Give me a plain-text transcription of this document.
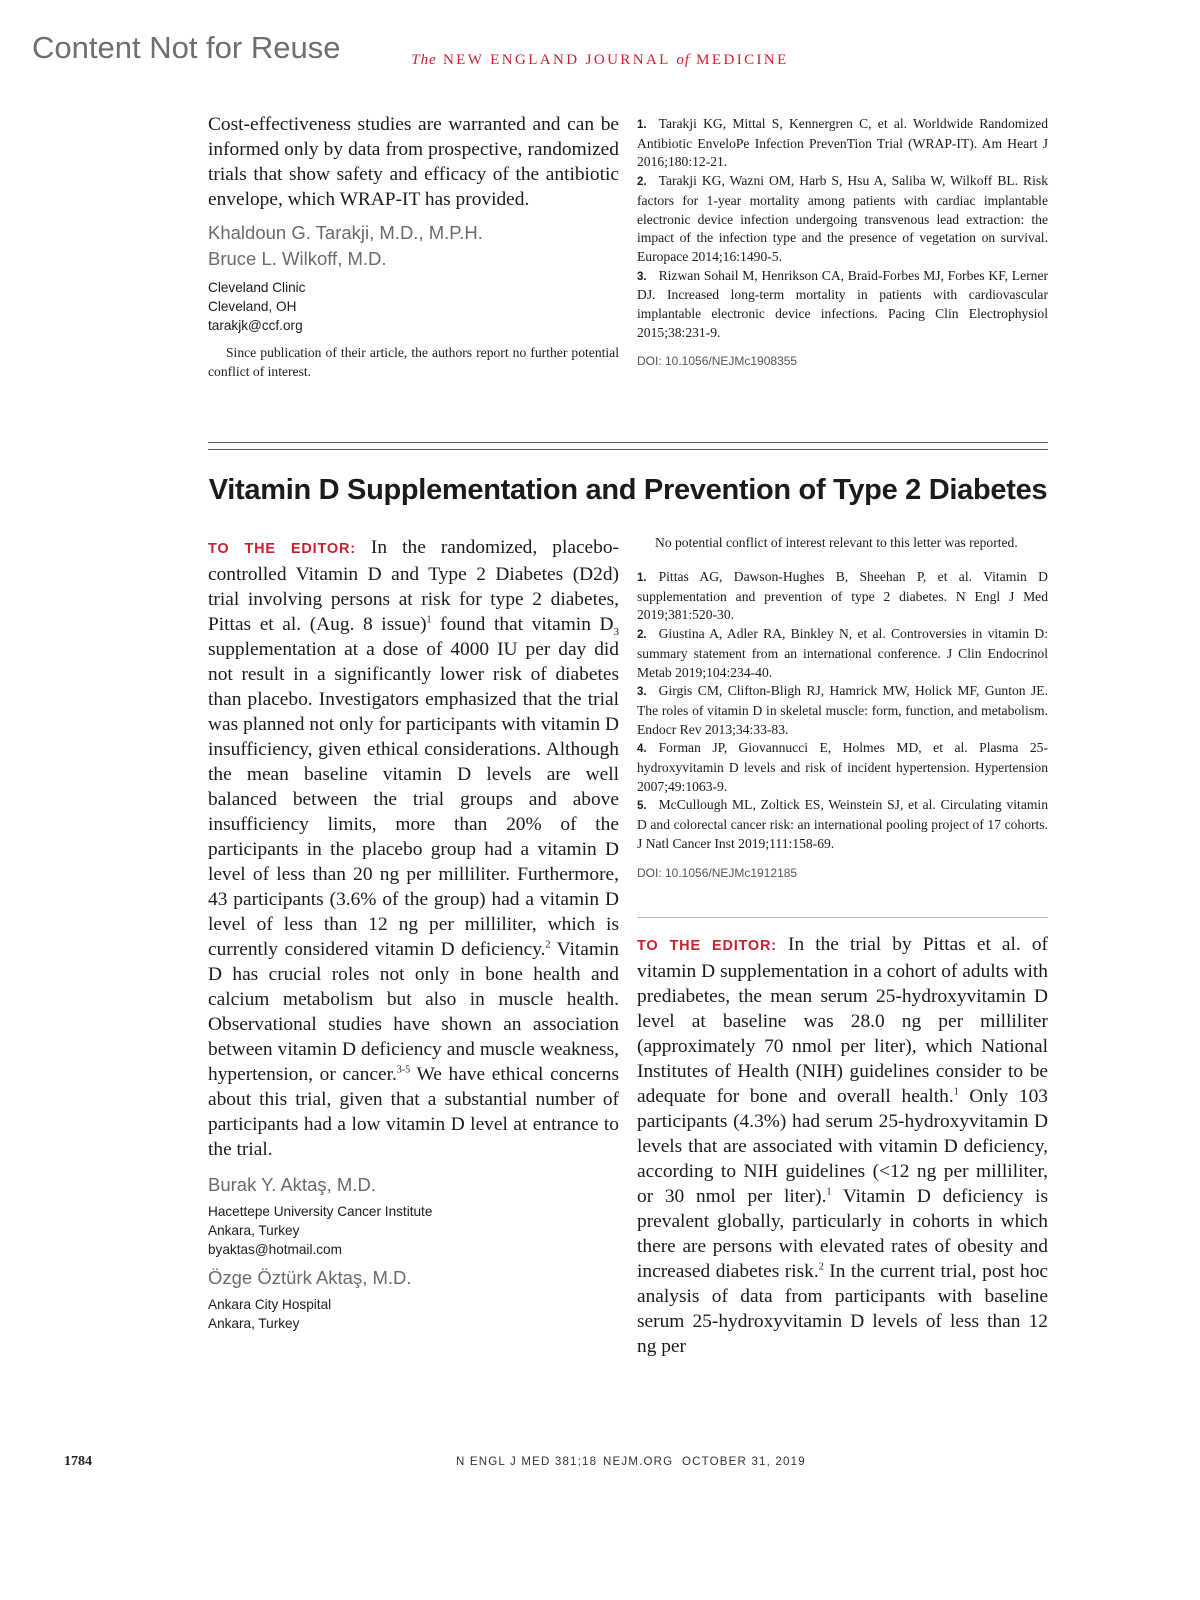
Content Not for Reuse	The NEW ENGLAND JOURNAL of MEDICINE

Cost-effectiveness studies are warranted and can be informed only by data from prospective, randomized trials that show safety and efficacy of the antibiotic envelope, which WRAP-IT has provided.

Khaldoun G. Tarakji, M.D., M.P.H.

Bruce L. Wilkoff, M.D.

Cleveland Clinic

Cleveland, OH

tarakjk@ccf.org

Since publication of their article, the authors report no further potential conflict of interest.

1. Tarakji KG, Mittal S, Kennergren C, et al. Worldwide Randomized Antibiotic EnveloPe Infection PrevenTion Trial (WRAP-IT). Am Heart J 2016;180:12-21.
2. Tarakji KG, Wazni OM, Harb S, Hsu A, Saliba W, Wilkoff BL. Risk factors for 1-year mortality among patients with cardiac implantable electronic device infection undergoing transvenous lead extraction: the impact of the infection type and the presence of vegetation on survival. Europace 2014;16:1490-5.
3. Rizwan Sohail M, Henrikson CA, Braid-Forbes MJ, Forbes KF, Lerner DJ. Increased long-term mortality in patients with cardiovascular implantable electronic device infections. Pacing Clin Electrophysiol 2015;38:231-9.

DOI: 10.1056/NEJMc1908355

Vitamin D Supplementation and Prevention of Type 2 Diabetes

TO THE EDITOR: In the randomized, placebo-controlled Vitamin D and Type 2 Diabetes (D2d) trial involving persons at risk for type 2 diabetes, Pittas et al. (Aug. 8 issue)$^1$ found that vitamin $D_3$ supplementation at a dose of 4000 IU per day did not result in a significantly lower risk of diabetes than placebo. Investigators emphasized that the trial was planned not only for participants with vitamin D insufficiency, given ethical considerations. Although the mean baseline vitamin D levels are well balanced between the trial groups and above insufficiency limits, more than 20% of the participants in the placebo group had a vitamin D level of less than 20 ng per milliliter. Furthermore, 43 participants (3.6% of the group) had a vitamin D level of less than 12 ng per milliliter, which is currently considered vitamin D deficiency.$^2$ Vitamin D has crucial roles not only in bone health and calcium metabolism but also in muscle health. Observational studies have shown an association between vitamin D deficiency and muscle weakness, hypertension, or cancer.$^{3-5}$ We have ethical concerns about this trial, given that a substantial number of participants had a low vitamin D level at entrance to the trial.

Burak Y. Aktaş, M.D.

Hacettepe University Cancer Institute

Ankara, Turkey

byaktas@hotmail.com

Özge Öztürk Aktaş, M.D.

Ankara City Hospital

Ankara, Turkey

No potential conflict of interest relevant to this letter was reported.

1. Pittas AG, Dawson-Hughes B, Sheehan P, et al. Vitamin D supplementation and prevention of type 2 diabetes. N Engl J Med 2019;381:520-30.
2. Giustina A, Adler RA, Binkley N, et al. Controversies in vitamin D: summary statement from an international conference. J Clin Endocrinol Metab 2019;104:234-40.
3. Girgis CM, Clifton-Bligh RJ, Hamrick MW, Holick MF, Gunton JE. The roles of vitamin D in skeletal muscle: form, function, and metabolism. Endocr Rev 2013;34:33-83.
4. Forman JP, Giovannucci E, Holmes MD, et al. Plasma 25-hydroxyvitamin D levels and risk of incident hypertension. Hypertension 2007;49:1063-9.
5. McCullough ML, Zoltick ES, Weinstein SJ, et al. Circulating vitamin D and colorectal cancer risk: an international pooling project of 17 cohorts. J Natl Cancer Inst 2019;111:158-69.

DOI: 10.1056/NEJMc1912185

TO THE EDITOR: In the trial by Pittas et al. of vitamin D supplementation in a cohort of adults with prediabetes, the mean serum 25-hydroxyvitamin D level at baseline was 28.0 ng per milliliter (approximately 70 nmol per liter), which National Institutes of Health (NIH) guidelines consider to be adequate for bone and overall health.$^1$ Only 103 participants (4.3%) had serum 25-hydroxyvitamin D levels that are associated with vitamin D deficiency, according to NIH guidelines (<12 ng per milliliter, or 30 nmol per liter).$^1$ Vitamin D deficiency is prevalent globally, particularly in cohorts in which there are persons with elevated rates of obesity and increased diabetes risk.$^2$ In the current trial, post hoc analysis of data from participants with baseline serum 25-hydroxyvitamin D levels of less than 12 ng per

1784	N ENGL J MED 381;18 NEJM.ORG OCTOBER 31, 2019
